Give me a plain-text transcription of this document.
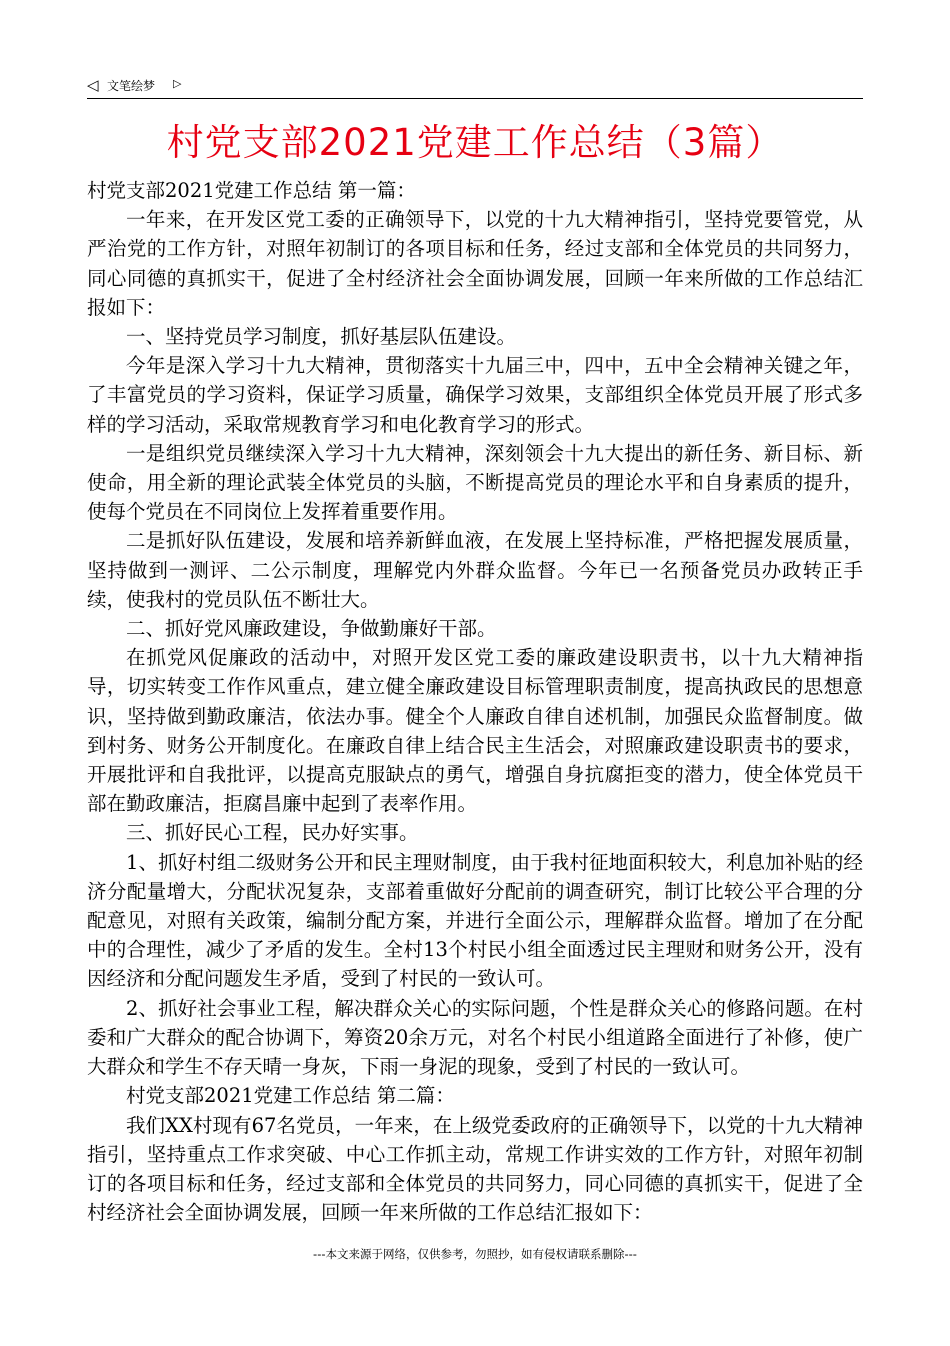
◁ 文笔绘梦 ▷
村党支部2021党建工作总结（3篇）

村党支部2021党建工作总结 第一篇：

一年来，在开发区党工委的正确领导下，以党的十九大精神指引，坚持党要管党，从严治党的工作方针，对照年初制订的各项目标和任务，经过支部和全体党员的共同努力，同心同德的真抓实干，促进了全村经济社会全面协调发展，回顾一年来所做的工作总结汇报如下：

一、坚持党员学习制度，抓好基层队伍建设。

今年是深入学习十九大精神，贯彻落实十九届三中，四中，五中全会精神关键之年，了丰富党员的学习资料，保证学习质量，确保学习效果，支部组织全体党员开展了形式多样的学习活动，采取常规教育学习和电化教育学习的形式。

一是组织党员继续深入学习十九大精神，深刻领会十九大提出的新任务、新目标、新使命，用全新的理论武装全体党员的头脑，不断提高党员的理论水平和自身素质的提升，使每个党员在不同岗位上发挥着重要作用。

二是抓好队伍建设，发展和培养新鲜血液，在发展上坚持标准，严格把握发展质量，坚持做到一测评、二公示制度，理解党内外群众监督。今年已一名预备党员办政转正手续，使我村的党员队伍不断壮大。

二、抓好党风廉政建设，争做勤廉好干部。

在抓党风促廉政的活动中，对照开发区党工委的廉政建设职责书，以十九大精神指导，切实转变工作作风重点，建立健全廉政建设目标管理职责制度，提高执政民的思想意识，坚持做到勤政廉洁，依法办事。健全个人廉政自律自述机制，加强民众监督制度。做到村务、财务公开制度化。在廉政自律上结合民主生活会，对照廉政建设职责书的要求，开展批评和自我批评，以提高克服缺点的勇气，增强自身抗腐拒变的潜力，使全体党员干部在勤政廉洁，拒腐昌廉中起到了表率作用。

三、抓好民心工程，民办好实事。

1、抓好村组二级财务公开和民主理财制度，由于我村征地面积较大，利息加补贴的经济分配量增大，分配状况复杂，支部着重做好分配前的调查研究，制订比较公平合理的分配意见，对照有关政策，编制分配方案，并进行全面公示，理解群众监督。增加了在分配中的合理性，减少了矛盾的发生。全村13个村民小组全面透过民主理财和财务公开，没有因经济和分配问题发生矛盾，受到了村民的一致认可。

2、抓好社会事业工程，解决群众关心的实际问题，个性是群众关心的修路问题。在村委和广大群众的配合协调下，筹资20余万元，对名个村民小组道路全面进行了补修，使广大群众和学生不存天晴一身灰，下雨一身泥的现象，受到了村民的一致认可。

村党支部2021党建工作总结 第二篇：

我们XX村现有67名党员，一年来，在上级党委政府的正确领导下，以党的十九大精神指引，坚持重点工作求突破、中心工作抓主动，常规工作讲实效的工作方针，对照年初制订的各项目标和任务，经过支部和全体党员的共同努力，同心同德的真抓实干，促进了全村经济社会全面协调发展，回顾一年来所做的工作总结汇报如下：

---本文来源于网络，仅供参考，勿照抄，如有侵权请联系删除---
